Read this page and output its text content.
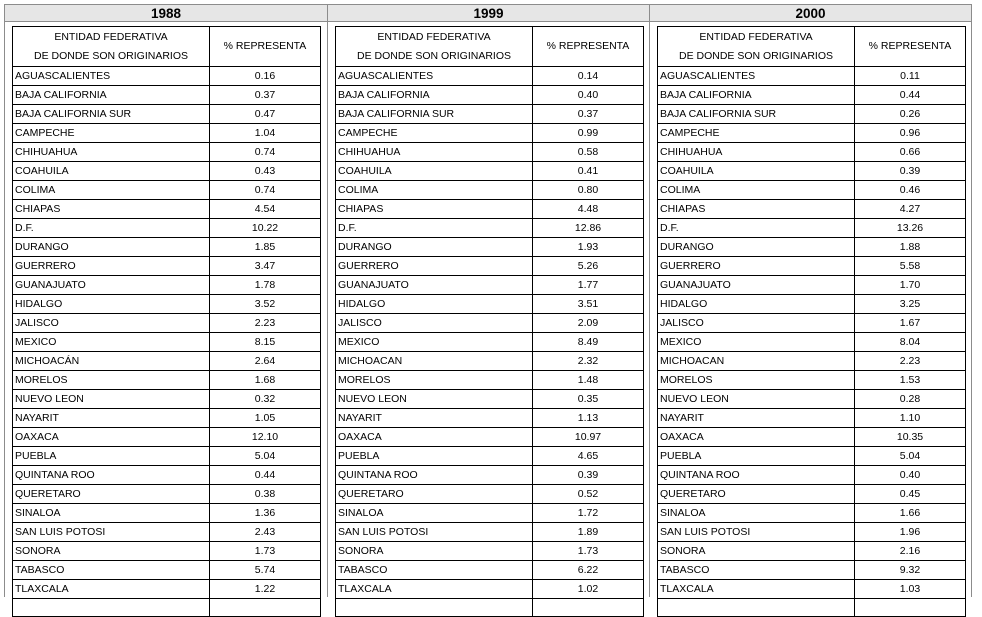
1988
ENTIDAD FEDERATIVA
DE DONDE SON ORIGINARIOS	% REPRESENTA
AGUASCALIENTES	0.16
BAJA CALIFORNIA	0.37
BAJA CALIFORNIA SUR	0.47
CAMPECHE	1.04
CHIHUAHUA	0.74
COAHUILA	0.43
COLIMA	0.74
CHIAPAS	4.54
D.F.	10.22
DURANGO	1.85
GUERRERO	3.47
GUANAJUATO	1.78
HIDALGO	3.52
JALISCO	2.23
MEXICO	8.15
MICHOACÁN	2.64
MORELOS	1.68
NUEVO LEON	0.32
NAYARIT	1.05
OAXACA	12.10
PUEBLA	5.04
QUINTANA ROO	0.44
QUERETARO	0.38
SINALOA	1.36
SAN LUIS POTOSI	2.43
SONORA	1.73
TABASCO	5.74
TLAXCALA	1.22

1999
ENTIDAD FEDERATIVA
DE DONDE SON ORIGINARIOS	% REPRESENTA
AGUASCALIENTES	0.14
BAJA CALIFORNIA	0.40
BAJA CALIFORNIA SUR	0.37
CAMPECHE	0.99
CHIHUAHUA	0.58
COAHUILA	0.41
COLIMA	0.80
CHIAPAS	4.48
D.F.	12.86
DURANGO	1.93
GUERRERO	5.26
GUANAJUATO	1.77
HIDALGO	3.51
JALISCO	2.09
MEXICO	8.49
MICHOACAN	2.32
MORELOS	1.48
NUEVO LEON	0.35
NAYARIT	1.13
OAXACA	10.97
PUEBLA	4.65
QUINTANA ROO	0.39
QUERETARO	0.52
SINALOA	1.72
SAN LUIS POTOSI	1.89
SONORA	1.73
TABASCO	6.22
TLAXCALA	1.02

2000
ENTIDAD FEDERATIVA
DE DONDE SON ORIGINARIOS	% REPRESENTA
AGUASCALIENTES	0.11
BAJA CALIFORNIA	0.44
BAJA CALIFORNIA SUR	0.26
CAMPECHE	0.96
CHIHUAHUA	0.66
COAHUILA	0.39
COLIMA	0.46
CHIAPAS	4.27
D.F.	13.26
DURANGO	1.88
GUERRERO	5.58
GUANAJUATO	1.70
HIDALGO	3.25
JALISCO	1.67
MEXICO	8.04
MICHOACAN	2.23
MORELOS	1.53
NUEVO LEON	0.28
NAYARIT	1.10
OAXACA	10.35
PUEBLA	5.04
QUINTANA ROO	0.40
QUERETARO	0.45
SINALOA	1.66
SAN LUIS POTOSI	1.96
SONORA	2.16
TABASCO	9.32
TLAXCALA	1.03
